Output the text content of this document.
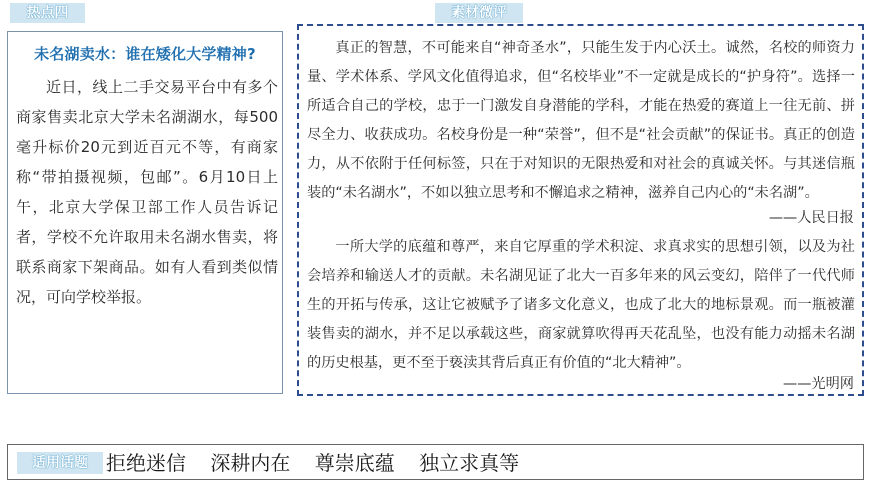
热点四	素材微评
未名湖卖水：谁在矮化大学精神?
近日，线上二手交易平台中有多个商家售卖北京大学未名湖湖水，每500毫升标价20元到近百元不等，有商家称“带拍摄视频，包邮”。6月10日上午，北京大学保卫部工作人员告诉记者，学校不允许取用未名湖水售卖，将联系商家下架商品。如有人看到类似情况，可向学校举报。

真正的智慧，不可能来自“神奇圣水”，只能生发于内心沃土。诚然，名校的师资力量、学术体系、学风文化值得追求，但“名校毕业”不一定就是成长的“护身符”。选择一所适合自己的学校，忠于一门激发自身潜能的学科，才能在热爱的赛道上一往无前、拼尽全力、收获成功。名校身份是一种“荣誉”，但不是“社会贡献”的保证书。真正的创造力，从不依附于任何标签，只在于对知识的无限热爱和对社会的真诚关怀。与其迷信瓶装的“未名湖水”，不如以独立思考和不懈追求之精神，滋养自己内心的“未名湖”。

——人民日报

一所大学的底蕴和尊严，来自它厚重的学术积淀、求真求实的思想引领，以及为社会培养和输送人才的贡献。未名湖见证了北大一百多年来的风云变幻，陪伴了一代代师生的开拓与传承，这让它被赋予了诸多文化意义，也成了北大的地标景观。而一瓶被灌装售卖的湖水，并不足以承载这些，商家就算吹得再天花乱坠，也没有能力动摇未名湖的历史根基，更不至于亵渎其背后真正有价值的“北大精神”。

——光明网
适用话题 拒绝迷信 深耕内在 尊崇底蕴 独立求真等
